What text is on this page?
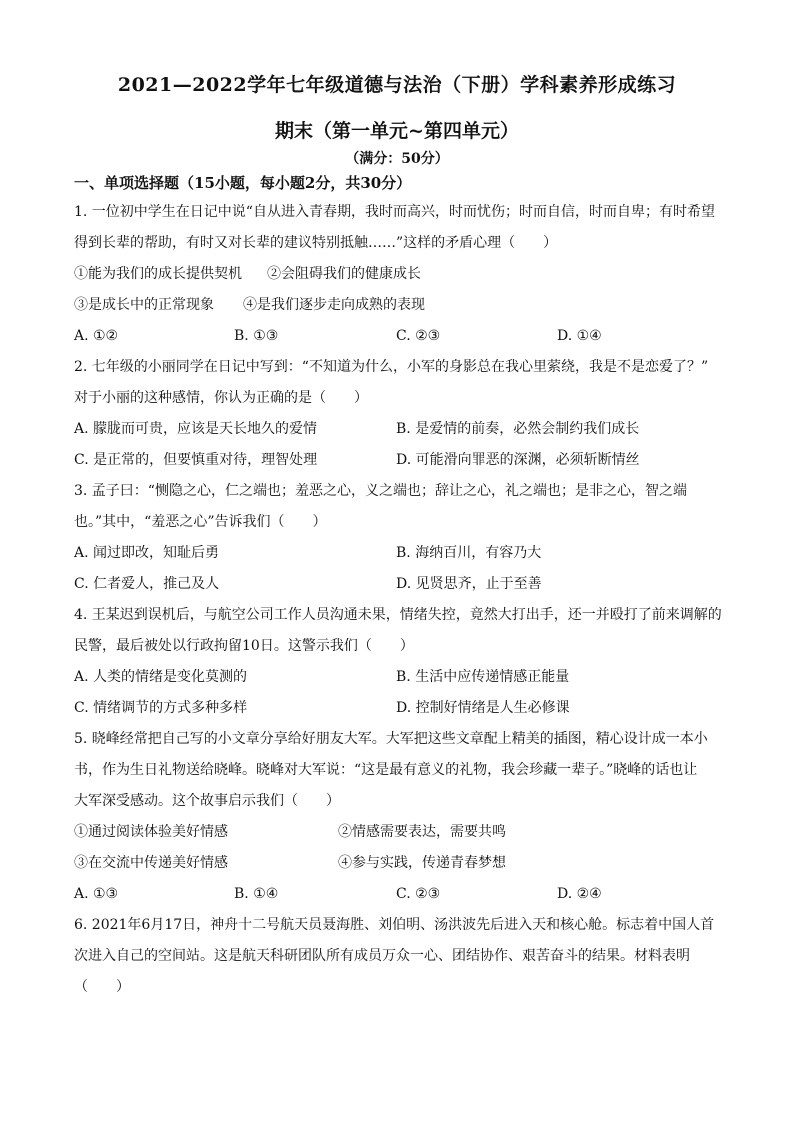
2021—2022学年七年级道德与法治（下册）学科素养形成练习
期末（第一单元~第四单元）
（满分：50分）
一、单项选择题（15小题，每小题2分，共30分）
1. 一位初中学生在日记中说“自从进入青春期，我时而高兴，时而忧伤；时而自信，时而自卑；有时希望
得到长辈的帮助，有时又对长辈的建议特别抵触……”这样的矛盾心理（　　）
①能为我们的成长提供契机 ②会阻碍我们的健康成长
③是成长中的正常现象 ④是我们逐步走向成熟的表现
A. ①②	B. ①③	C. ②③	D. ①④
2. 七年级的小丽同学在日记中写到：“不知道为什么，小军的身影总在我心里萦绕，我是不是恋爱了？”
对于小丽的这种感情，你认为正确的是（　　）
A. 朦胧而可贵，应该是天长地久的爱情	B. 是爱情的前奏，必然会制约我们成长
C. 是正常的，但要慎重对待，理智处理	D. 可能滑向罪恶的深渊，必须斩断情丝
3. 孟子曰：“恻隐之心，仁之端也；羞恶之心，义之端也；辞让之心，礼之端也；是非之心，智之端
也。”其中，“羞恶之心”告诉我们（　　）
A. 闻过即改，知耻后勇	B. 海纳百川，有容乃大
C. 仁者爱人，推己及人	D. 见贤思齐，止于至善
4. 王某迟到误机后，与航空公司工作人员沟通未果，情绪失控，竟然大打出手，还一并殴打了前来调解的
民警，最后被处以行政拘留10日。这警示我们（　　）
A. 人类的情绪是变化莫测的	B. 生活中应传递情感正能量
C. 情绪调节的方式多种多样	D. 控制好情绪是人生必修课
5. 晓峰经常把自己写的小文章分享给好朋友大军。大军把这些文章配上精美的插图，精心设计成一本小
书，作为生日礼物送给晓峰。晓峰对大军说：“这是最有意义的礼物，我会珍藏一辈子。”晓峰的话也让
大军深受感动。这个故事启示我们（　　）
①通过阅读体验美好情感	②情感需要表达，需要共鸣
③在交流中传递美好情感	④参与实践，传递青春梦想
A. ①③	B. ①④	C. ②③	D. ②④
6. 2021年6月17日，神舟十二号航天员聂海胜、刘伯明、汤洪波先后进入天和核心舱。标志着中国人首
次进入自己的空间站。这是航天科研团队所有成员万众一心、团结协作、艰苦奋斗的结果。材料表明
（　　）
